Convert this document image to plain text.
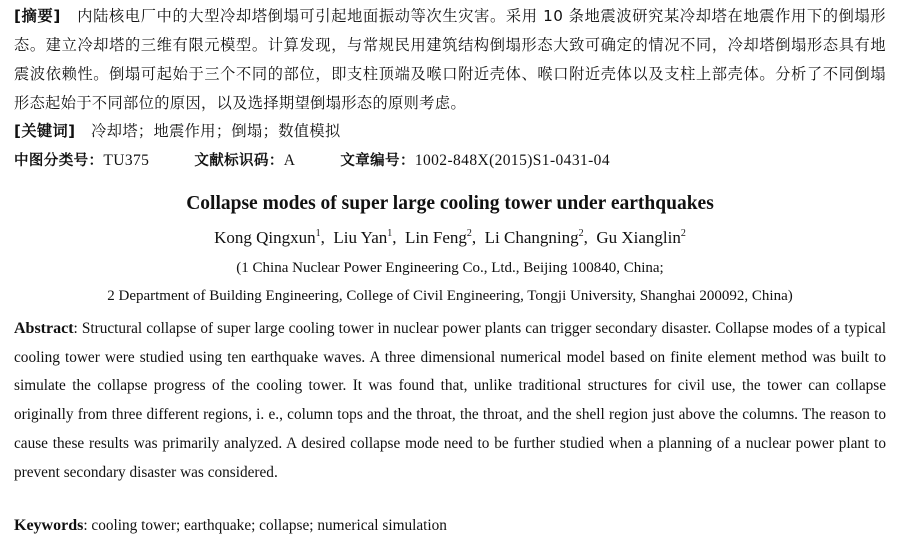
[摘要] 内陆核电厂中的大型冷却塔倒塌可引起地面振动等次生灾害。采用 10 条地震波研究某冷却塔在地震作用下的倒塌形态。建立冷却塔的三维有限元模型。计算发现，与常规民用建筑结构倒塌形态大致可确定的情况不同，冷却塔倒塌形态具有地震波依赖性。倒塌可起始于三个不同的部位，即支柱顶端及喉口附近壳体、喉口附近壳体以及支柱上部壳体。分析了不同倒塌形态起始于不同部位的原因，以及选择期望倒塌形态的原则考虑。
[关键词] 冷却塔；地震作用；倒塌；数值模拟
中图分类号：TU375	文献标识码：A	文章编号：1002-848X(2015)S1-0431-04
Collapse modes of super large cooling tower under earthquakes
Kong Qingxun$^1$,  Liu Yan$^1$,  Lin Feng$^2$,  Li Changning$^2$,  Gu Xianglin$^2$
(1 China Nuclear Power Engineering Co., Ltd., Beijing 100840, China;
2 Department of Building Engineering, College of Civil Engineering, Tongji University, Shanghai 200092, China)
Abstract: Structural collapse of super large cooling tower in nuclear power plants can trigger secondary disaster. Collapse modes of a typical cooling tower were studied using ten earthquake waves. A three dimensional numerical model based on finite element method was built to simulate the collapse progress of the cooling tower. It was found that, unlike traditional structures for civil use, the tower can collapse originally from three different regions, i. e., column tops and the throat, the throat, and the shell region just above the columns. The reason to cause these results was primarily analyzed. A desired collapse mode need to be further studied when a planning of a nuclear power plant to prevent secondary disaster was considered.
Keywords: cooling tower; earthquake; collapse; numerical simulation
